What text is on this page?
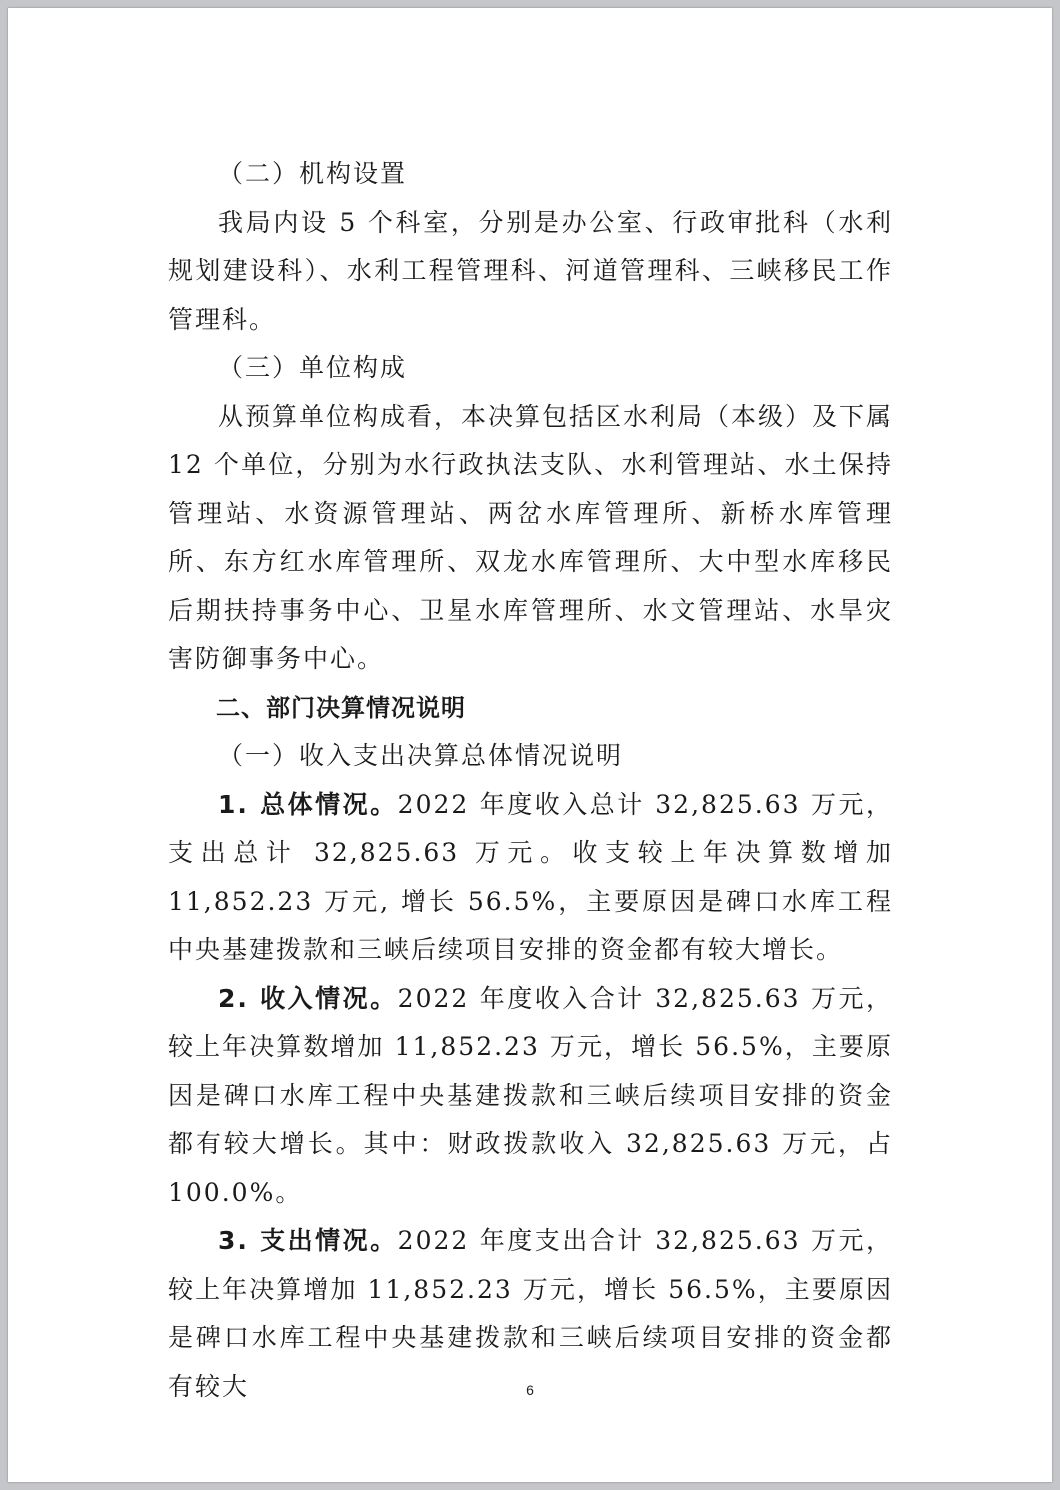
（二）机构设置

我局内设 5 个科室，分别是办公室、行政审批科（水利规划建设科）、水利工程管理科、河道管理科、三峡移民工作管理科。

（三）单位构成

从预算单位构成看，本决算包括区水利局（本级）及下属 12 个单位，分别为水行政执法支队、水利管理站、水土保持管理站、水资源管理站、两岔水库管理所、新桥水库管理所、东方红水库管理所、双龙水库管理所、大中型水库移民后期扶持事务中心、卫星水库管理所、水文管理站、水旱灾害防御事务中心。

二、部门决算情况说明

（一）收入支出决算总体情况说明

1. 总体情况。2022 年度收入总计 32,825.63 万元，支出总计 32,825.63 万元。收支较上年决算数增加 11,852.23 万元, 增长 56.5%，主要原因是碑口水库工程中央基建拨款和三峡后续项目安排的资金都有较大增长。

2. 收入情况。2022 年度收入合计 32,825.63 万元，较上年决算数增加 11,852.23 万元，增长 56.5%，主要原因是碑口水库工程中央基建拨款和三峡后续项目安排的资金都有较大增长。其中：财政拨款收入 32,825.63 万元，占 100.0%。

3. 支出情况。2022 年度支出合计 32,825.63 万元，较上年决算增加 11,852.23 万元，增长 56.5%，主要原因是碑口水库工程中央基建拨款和三峡后续项目安排的资金都有较大	6
